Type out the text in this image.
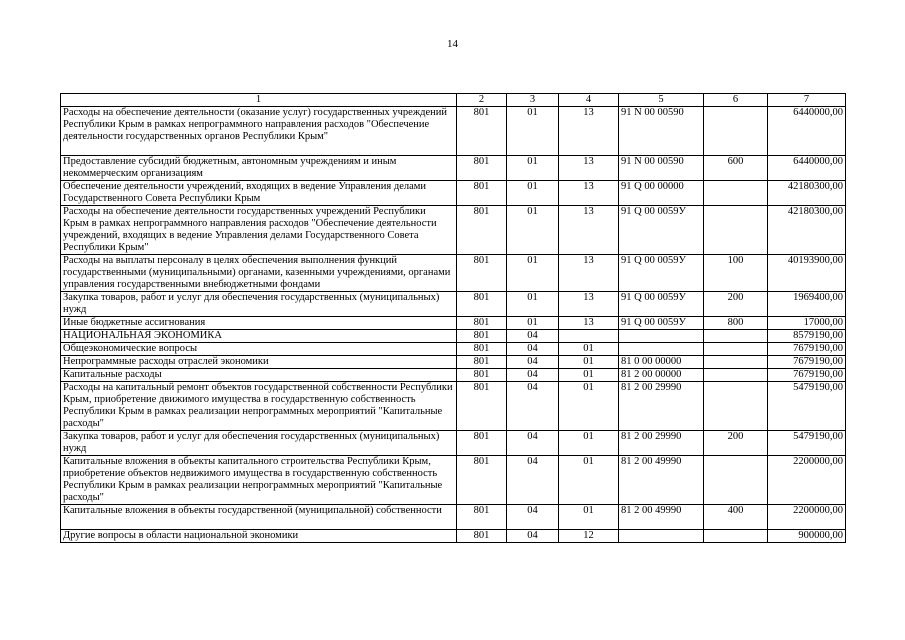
14
1	2	3	4	5	6	7
Расходы на обеспечение деятельности (оказание услуг) государственных учреждений Республики Крым в рамках непрограммного направления расходов "Обеспечение деятельности государственных органов Республики Крым"	801	01	13	91 N 00 00590		6440000,00
Предоставление субсидий бюджетным, автономным учреждениям и иным некоммерческим организациям	801	01	13	91 N 00 00590	600	6440000,00
Обеспечение деятельности учреждений, входящих в ведение Управления делами Государственного Совета Республики Крым	801	01	13	91 Q 00 00000		42180300,00
Расходы на обеспечение деятельности государственных учреждений Республики Крым в рамках непрограммного направления расходов "Обеспечение деятельности учреждений, входящих в ведение Управления делами Государственного Совета Республики Крым"	801	01	13	91 Q 00 0059У		42180300,00
Расходы на выплаты персоналу в целях обеспечения выполнения функций государственными (муниципальными) органами, казенными учреждениями, органами управления государственными внебюджетными фондами	801	01	13	91 Q 00 0059У	100	40193900,00
Закупка товаров, работ и услуг для обеспечения государственных (муниципальных) нужд	801	01	13	91 Q 00 0059У	200	1969400,00
Иные бюджетные ассигнования	801	01	13	91 Q 00 0059У	800	17000,00
НАЦИОНАЛЬНАЯ ЭКОНОМИКА	801	04				8579190,00
Общеэкономические вопросы	801	04	01			7679190,00
Непрограммные расходы отраслей экономики	801	04	01	81 0 00 00000		7679190,00
Капитальные расходы	801	04	01	81 2 00 00000		7679190,00
Расходы на капитальный ремонт объектов государственной собственности Республики Крым, приобретение движимого имущества в государственную собственность Республики Крым в рамках реализации непрограммных мероприятий "Капитальные расходы"	801	04	01	81 2 00 29990		5479190,00
Закупка товаров, работ и услуг для обеспечения государственных (муниципальных) нужд	801	04	01	81 2 00 29990	200	5479190,00
Капитальные вложения в объекты капитального строительства Республики Крым, приобретение объектов недвижимого имущества в государственную собственность Республики Крым в рамках реализации непрограммных мероприятий "Капитальные расходы"	801	04	01	81 2 00 49990		2200000,00
Капитальные вложения в объекты государственной (муниципальной) собственности	801	04	01	81 2 00 49990	400	2200000,00
Другие вопросы в области национальной экономики	801	04	12			900000,00
